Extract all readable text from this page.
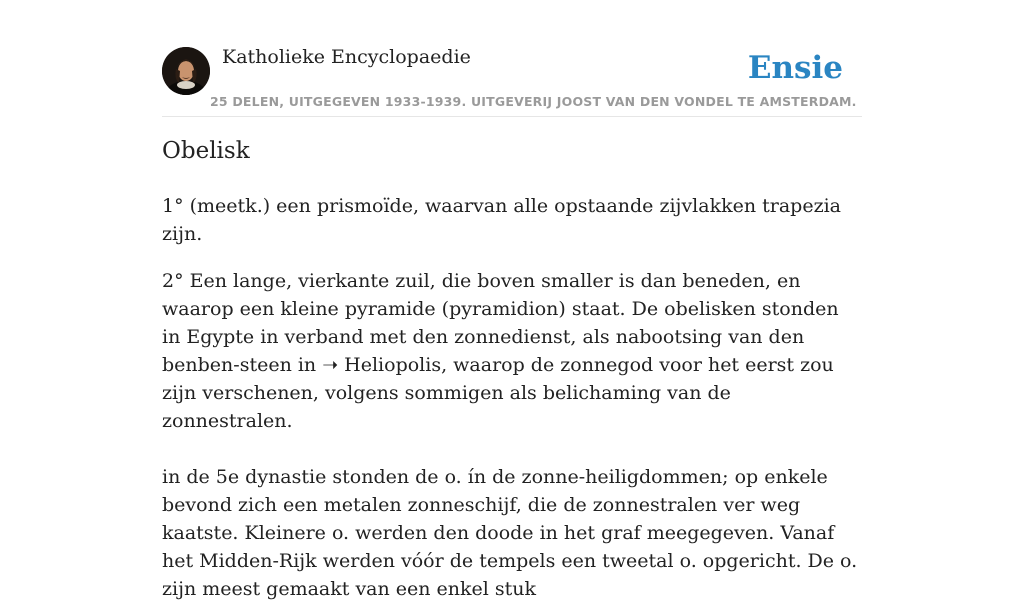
Katholieke Encyclopaedie	Ensie
25 DELEN, UITGEGEVEN 1933-1939. UITGEVERIJ JOOST VAN DEN VONDEL TE AMSTERDAM.
Obelisk

1° (meetk.) een prismoïde, waarvan alle opstaande zijvlakken trapezia zijn.

2° Een lange, vierkante zuil, die boven smaller is dan beneden, en waarop een kleine pyramide (pyramidion) staat. De obelisken stonden in Egypte in verband met den zonnedienst, als nabootsing van den benben-steen in ➝ Heliopolis, waarop de zonnegod voor het eerst zou zijn verschenen, volgens sommigen als belichaming van de zonnestralen.

in de 5e dynastie stonden de o. ín de zonne-heiligdommen; op enkele bevond zich een metalen zonneschijf, die de zonnestralen ver weg kaatste. Kleinere o. werden den doode in het graf meegegeven. Vanaf het Midden-Rijk werden vóór de tempels een tweetal o. opgericht. De o. zijn meest gemaakt van een enkel stuk
